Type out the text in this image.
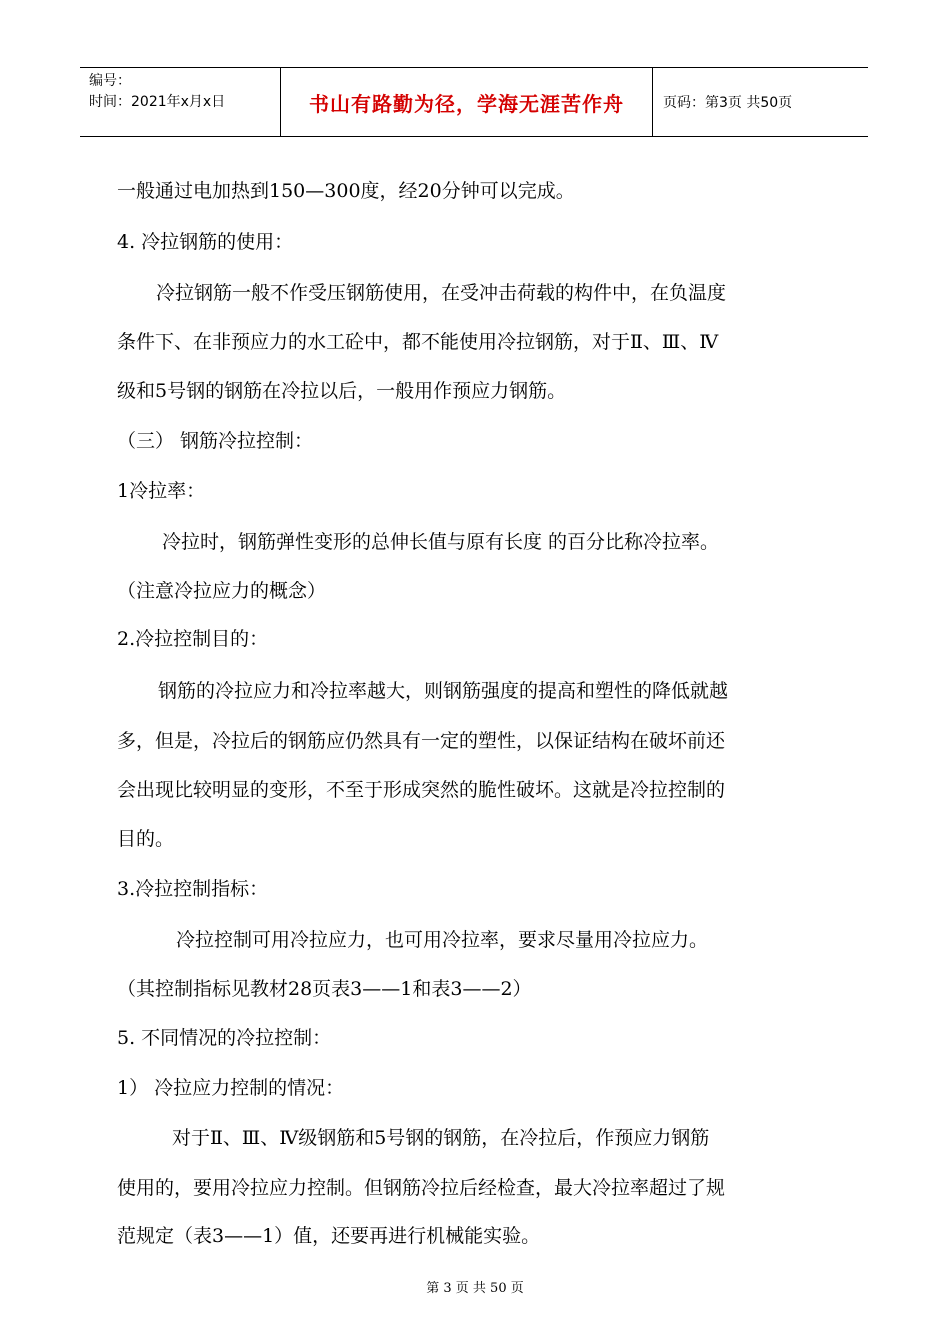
编号：
时间：2021年x月x日	书山有路勤为径，学海无涯苦作舟	页码：第3页 共50页
一般通过电加热到150—300度，经20分钟可以完成。
4. 冷拉钢筋的使用：
冷拉钢筋一般不作受压钢筋使用，在受冲击荷载的构件中，在负温度
条件下、在非预应力的水工砼中，都不能使用冷拉钢筋，对于Ⅱ、Ⅲ、Ⅳ
级和5号钢的钢筋在冷拉以后，一般用作预应力钢筋。
（三） 钢筋冷拉控制：
1冷拉率：
冷拉时，钢筋弹性变形的总伸长值与原有长度 的百分比称冷拉率。
（注意冷拉应力的概念）
2.冷拉控制目的：
钢筋的冷拉应力和冷拉率越大，则钢筋强度的提高和塑性的降低就越
多，但是，冷拉后的钢筋应仍然具有一定的塑性，以保证结构在破坏前还
会出现比较明显的变形，不至于形成突然的脆性破坏。这就是冷拉控制的
目的。
3.冷拉控制指标：
冷拉控制可用冷拉应力，也可用冷拉率，要求尽量用冷拉应力。
（其控制指标见教材28页表3——1和表3——2）
5. 不同情况的冷拉控制：
1） 冷拉应力控制的情况：
对于Ⅱ、Ⅲ、Ⅳ级钢筋和5号钢的钢筋，在冷拉后，作预应力钢筋
使用的，要用冷拉应力控制。但钢筋冷拉后经检查，最大冷拉率超过了规
范规定（表3——1）值，还要再进行机械能实验。
第 3 页 共 50 页
